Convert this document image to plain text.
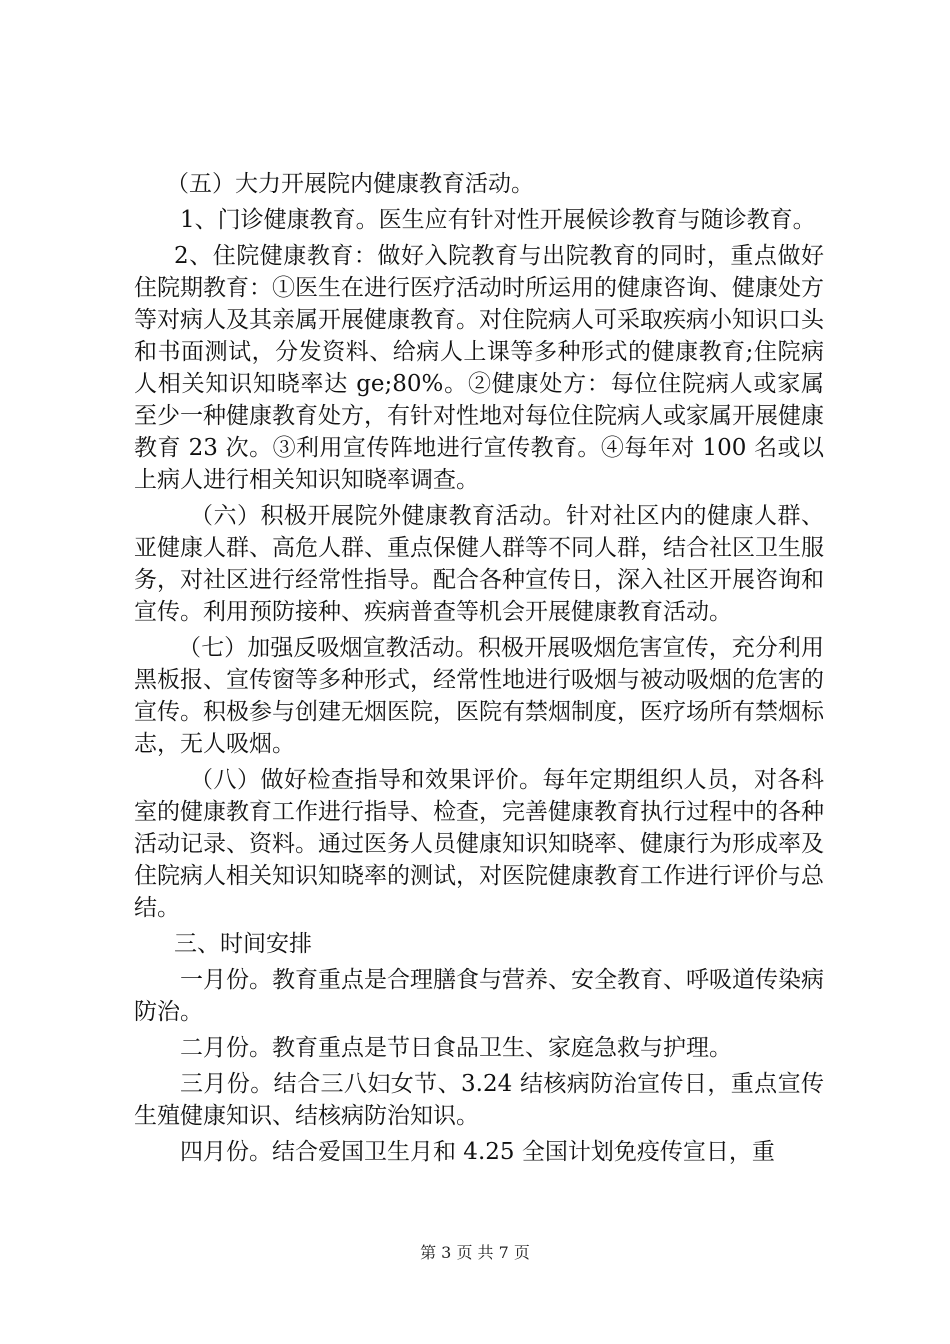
（五）大力开展院内健康教育活动。

1、门诊健康教育。医生应有针对性开展候诊教育与随诊教育。

2、住院健康教育：做好入院教育与出院教育的同时，重点做好住院期教育：①医生在进行医疗活动时所运用的健康咨询、健康处方等对病人及其亲属开展健康教育。对住院病人可采取疾病小知识口头和书面测试，分发资料、给病人上课等多种形式的健康教育;住院病人相关知识知晓率达 ge;80%。②健康处方：每位住院病人或家属至少一种健康教育处方，有针对性地对每位住院病人或家属开展健康教育 23 次。③利用宣传阵地进行宣传教育。④每年对 100 名或以上病人进行相关知识知晓率调查。

（六）积极开展院外健康教育活动。针对社区内的健康人群、亚健康人群、高危人群、重点保健人群等不同人群，结合社区卫生服务，对社区进行经常性指导。配合各种宣传日，深入社区开展咨询和宣传。利用预防接种、疾病普查等机会开展健康教育活动。

（七）加强反吸烟宣教活动。积极开展吸烟危害宣传，充分利用黑板报、宣传窗等多种形式，经常性地进行吸烟与被动吸烟的危害的宣传。积极参与创建无烟医院，医院有禁烟制度，医疗场所有禁烟标志，无人吸烟。

（八）做好检查指导和效果评价。每年定期组织人员，对各科室的健康教育工作进行指导、检查，完善健康教育执行过程中的各种活动记录、资料。通过医务人员健康知识知晓率、健康行为形成率及住院病人相关知识知晓率的测试，对医院健康教育工作进行评价与总结。

三、时间安排

一月份。教育重点是合理膳食与营养、安全教育、呼吸道传染病防治。

二月份。教育重点是节日食品卫生、家庭急救与护理。

三月份。结合三八妇女节、3.24 结核病防治宣传日，重点宣传生殖健康知识、结核病防治知识。

四月份。结合爱国卫生月和 4.25 全国计划免疫传宣日，重

第 3 页 共 7 页
